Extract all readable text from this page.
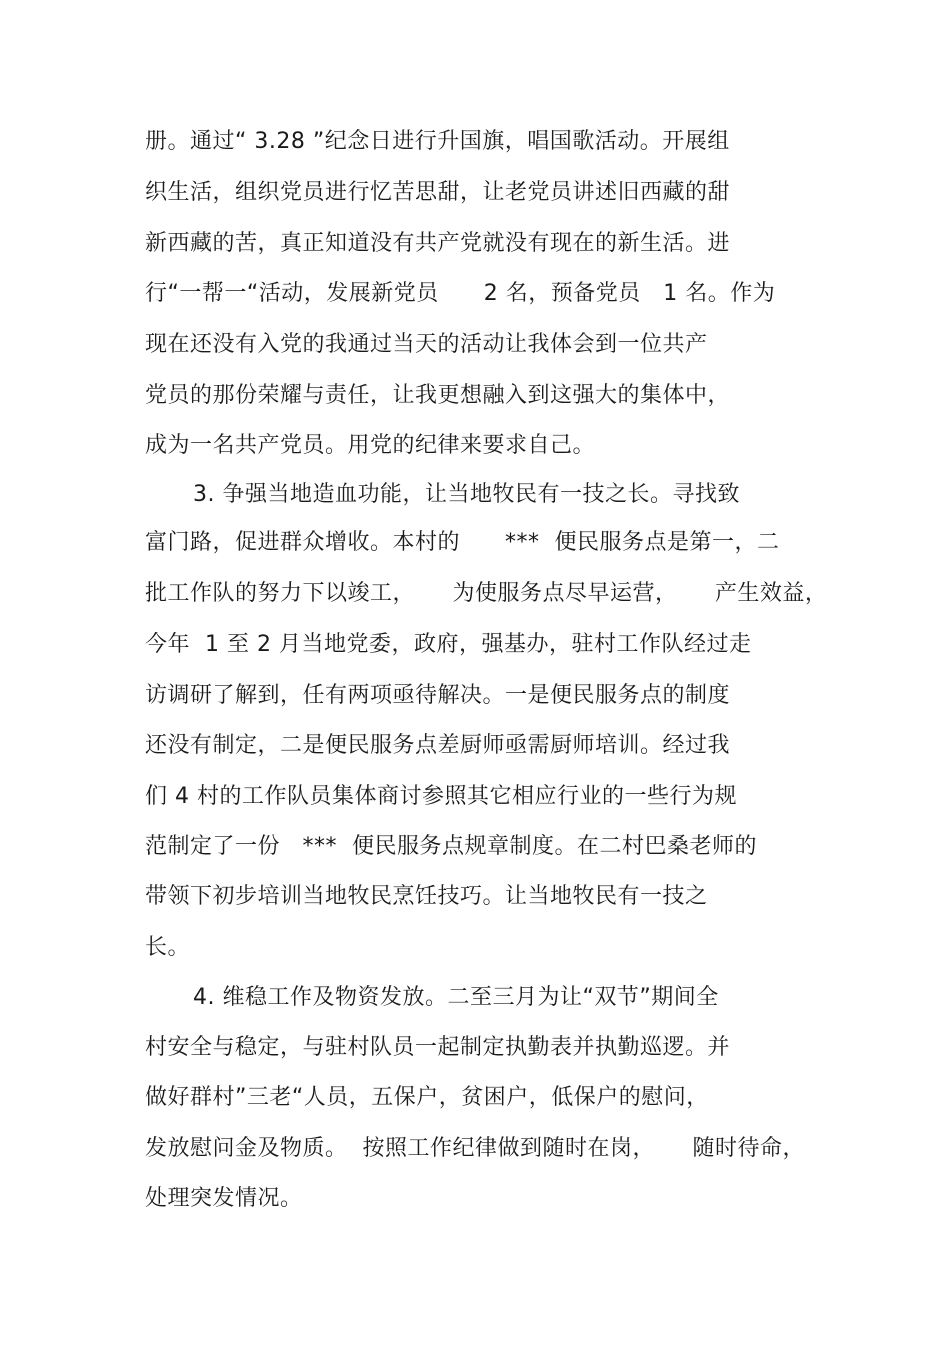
册。通过“ 3.28 ”纪念日进行升国旗，唱国歌活动。开展组
织生活，组织党员进行忆苦思甜，让老党员讲述旧西藏的甜
新西藏的苦，真正知道没有共产党就没有现在的新生活。进
行“一帮一“活动，发展新党员      2 名，预备党员   1 名。作为
现在还没有入党的我通过当天的活动让我体会到一位共产
党员的那份荣耀与责任，让我更想融入到这强大的集体中，
成为一名共产党员。用党的纪律来要求自己。
3. 争强当地造血功能，让当地牧民有一技之长。寻找致
富门路，促进群众增收。本村的      ***  便民服务点是第一，二
批工作队的努力下以竣工，     为使服务点尽早运营，     产生效益，
今年  1 至 2 月当地党委，政府，强基办，驻村工作队经过走
访调研了解到，任有两项亟待解决。一是便民服务点的制度
还没有制定，二是便民服务点差厨师亟需厨师培训。经过我
们 4 村的工作队员集体商讨参照其它相应行业的一些行为规
范制定了一份   ***  便民服务点规章制度。在二村巴桑老师的
带领下初步培训当地牧民烹饪技巧。让当地牧民有一技之
长。
4. 维稳工作及物资发放。二至三月为让“双节”期间全
村安全与稳定，与驻村队员一起制定执勤表并执勤巡逻。并
做好群村”三老“人员，五保户，贫困户，低保户的慰问，
发放慰问金及物质。  按照工作纪律做到随时在岗，     随时待命，
处理突发情况。
